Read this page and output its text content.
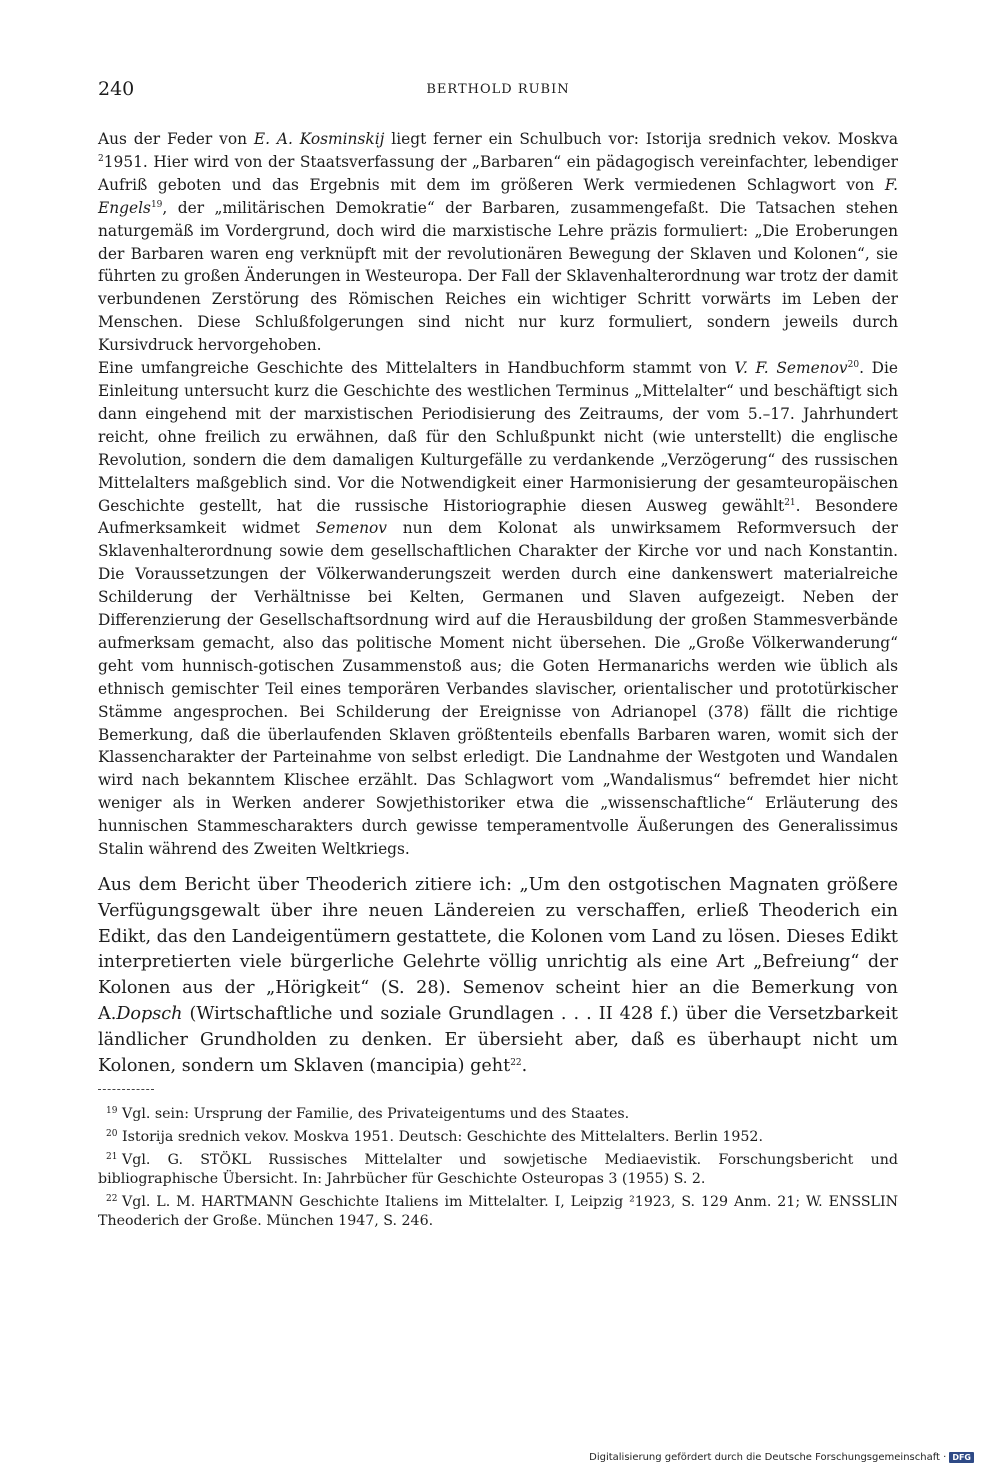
240	BERTHOLD RUBIN

Aus der Feder von E. A. Kosminskij liegt ferner ein Schulbuch vor: Istorija srednich vekov. Moskva $^2$1951. Hier wird von der Staatsverfassung der „Barbaren“ ein pädagogisch vereinfachter, lebendiger Aufriß geboten und das Ergebnis mit dem im größeren Werk vermiedenen Schlagwort von F. Engels$^{19}$, der „militärischen Demokratie“ der Barbaren, zusammengefaßt. Die Tatsachen stehen naturgemäß im Vordergrund, doch wird die marxistische Lehre präzis formuliert: „Die Eroberungen der Barbaren waren eng verknüpft mit der revolutionären Bewegung der Sklaven und Kolonen“, sie führten zu großen Änderungen in Westeuropa. Der Fall der Sklavenhalterordnung war trotz der damit verbundenen Zerstörung des Römischen Reiches ein wichtiger Schritt vorwärts im Leben der Menschen. Diese Schlußfolgerungen sind nicht nur kurz formuliert, sondern jeweils durch Kursivdruck hervorgehoben.

Eine umfangreiche Geschichte des Mittelalters in Handbuchform stammt von V. F. Semenov$^{20}$. Die Einleitung untersucht kurz die Geschichte des westlichen Terminus „Mittelalter“ und beschäftigt sich dann eingehend mit der marxistischen Periodisierung des Zeitraums, der vom 5.–17. Jahrhundert reicht, ohne freilich zu erwähnen, daß für den Schlußpunkt nicht (wie unterstellt) die englische Revolution, sondern die dem damaligen Kulturgefälle zu verdankende „Verzögerung“ des russischen Mittelalters maßgeblich sind. Vor die Notwendigkeit einer Harmonisierung der gesamteuropäischen Geschichte gestellt, hat die russische Historiographie diesen Ausweg gewählt$^{21}$. Besondere Aufmerksamkeit widmet Semenov nun dem Kolonat als unwirksamem Reformversuch der Sklavenhalterordnung sowie dem gesellschaftlichen Charakter der Kirche vor und nach Konstantin. Die Voraussetzungen der Völkerwanderungszeit werden durch eine dankenswert materialreiche Schilderung der Verhältnisse bei Kelten, Germanen und Slaven aufgezeigt. Neben der Differenzierung der Gesellschaftsordnung wird auf die Herausbildung der großen Stammesverbände aufmerksam gemacht, also das politische Moment nicht übersehen. Die „Große Völkerwanderung“ geht vom hunnisch-gotischen Zusammenstoß aus; die Goten Hermanarichs werden wie üblich als ethnisch gemischter Teil eines temporären Verbandes slavischer, orientalischer und prototürkischer Stämme angesprochen. Bei Schilderung der Ereignisse von Adrianopel (378) fällt die richtige Bemerkung, daß die überlaufenden Sklaven größtenteils ebenfalls Barbaren waren, womit sich der Klassencharakter der Parteinahme von selbst erledigt. Die Landnahme der Westgoten und Wandalen wird nach bekanntem Klischee erzählt. Das Schlagwort vom „Wandalismus“ befremdet hier nicht weniger als in Werken anderer Sowjethistoriker etwa die „wissenschaftliche“ Erläuterung des hunnischen Stammescharakters durch gewisse temperamentvolle Äußerungen des Generalissimus Stalin während des Zweiten Weltkriegs.

Aus dem Bericht über Theoderich zitiere ich: „Um den ostgotischen Magnaten größere Verfügungsgewalt über ihre neuen Ländereien zu verschaffen, erließ Theoderich ein Edikt, das den Landeigentümern gestattete, die Kolonen vom Land zu lösen. Dieses Edikt interpretierten viele bürgerliche Gelehrte völlig unrichtig als eine Art „Befreiung“ der Kolonen aus der „Hörigkeit“ (S. 28). Semenov scheint hier an die Bemerkung von A.Dopsch (Wirtschaftliche und soziale Grundlagen . . . II 428 f.) über die Versetzbarkeit ländlicher Grundholden zu denken. Er übersieht aber, daß es überhaupt nicht um Kolonen, sondern um Sklaven (mancipia) geht$^{22}$.

19 Vgl. sein: Ursprung der Familie, des Privateigentums und des Staates.

20 Istorija srednich vekov. Moskva 1951. Deutsch: Geschichte des Mittelalters. Berlin 1952.

21 Vgl. G. STÖKL Russisches Mittelalter und sowjetische Mediaevistik. Forschungsbericht und bibliographische Übersicht. In: Jahrbücher für Geschichte Osteuropas 3 (1955) S. 2.

22 Vgl. L. M. HARTMANN Geschichte Italiens im Mittelalter. I, Leipzig ²1923, S. 129 Anm. 21; W. ENSSLIN Theoderich der Große. München 1947, S. 246.

Digitalisierung gefördert durch die Deutsche Forschungsgemeinschaft · DFG
